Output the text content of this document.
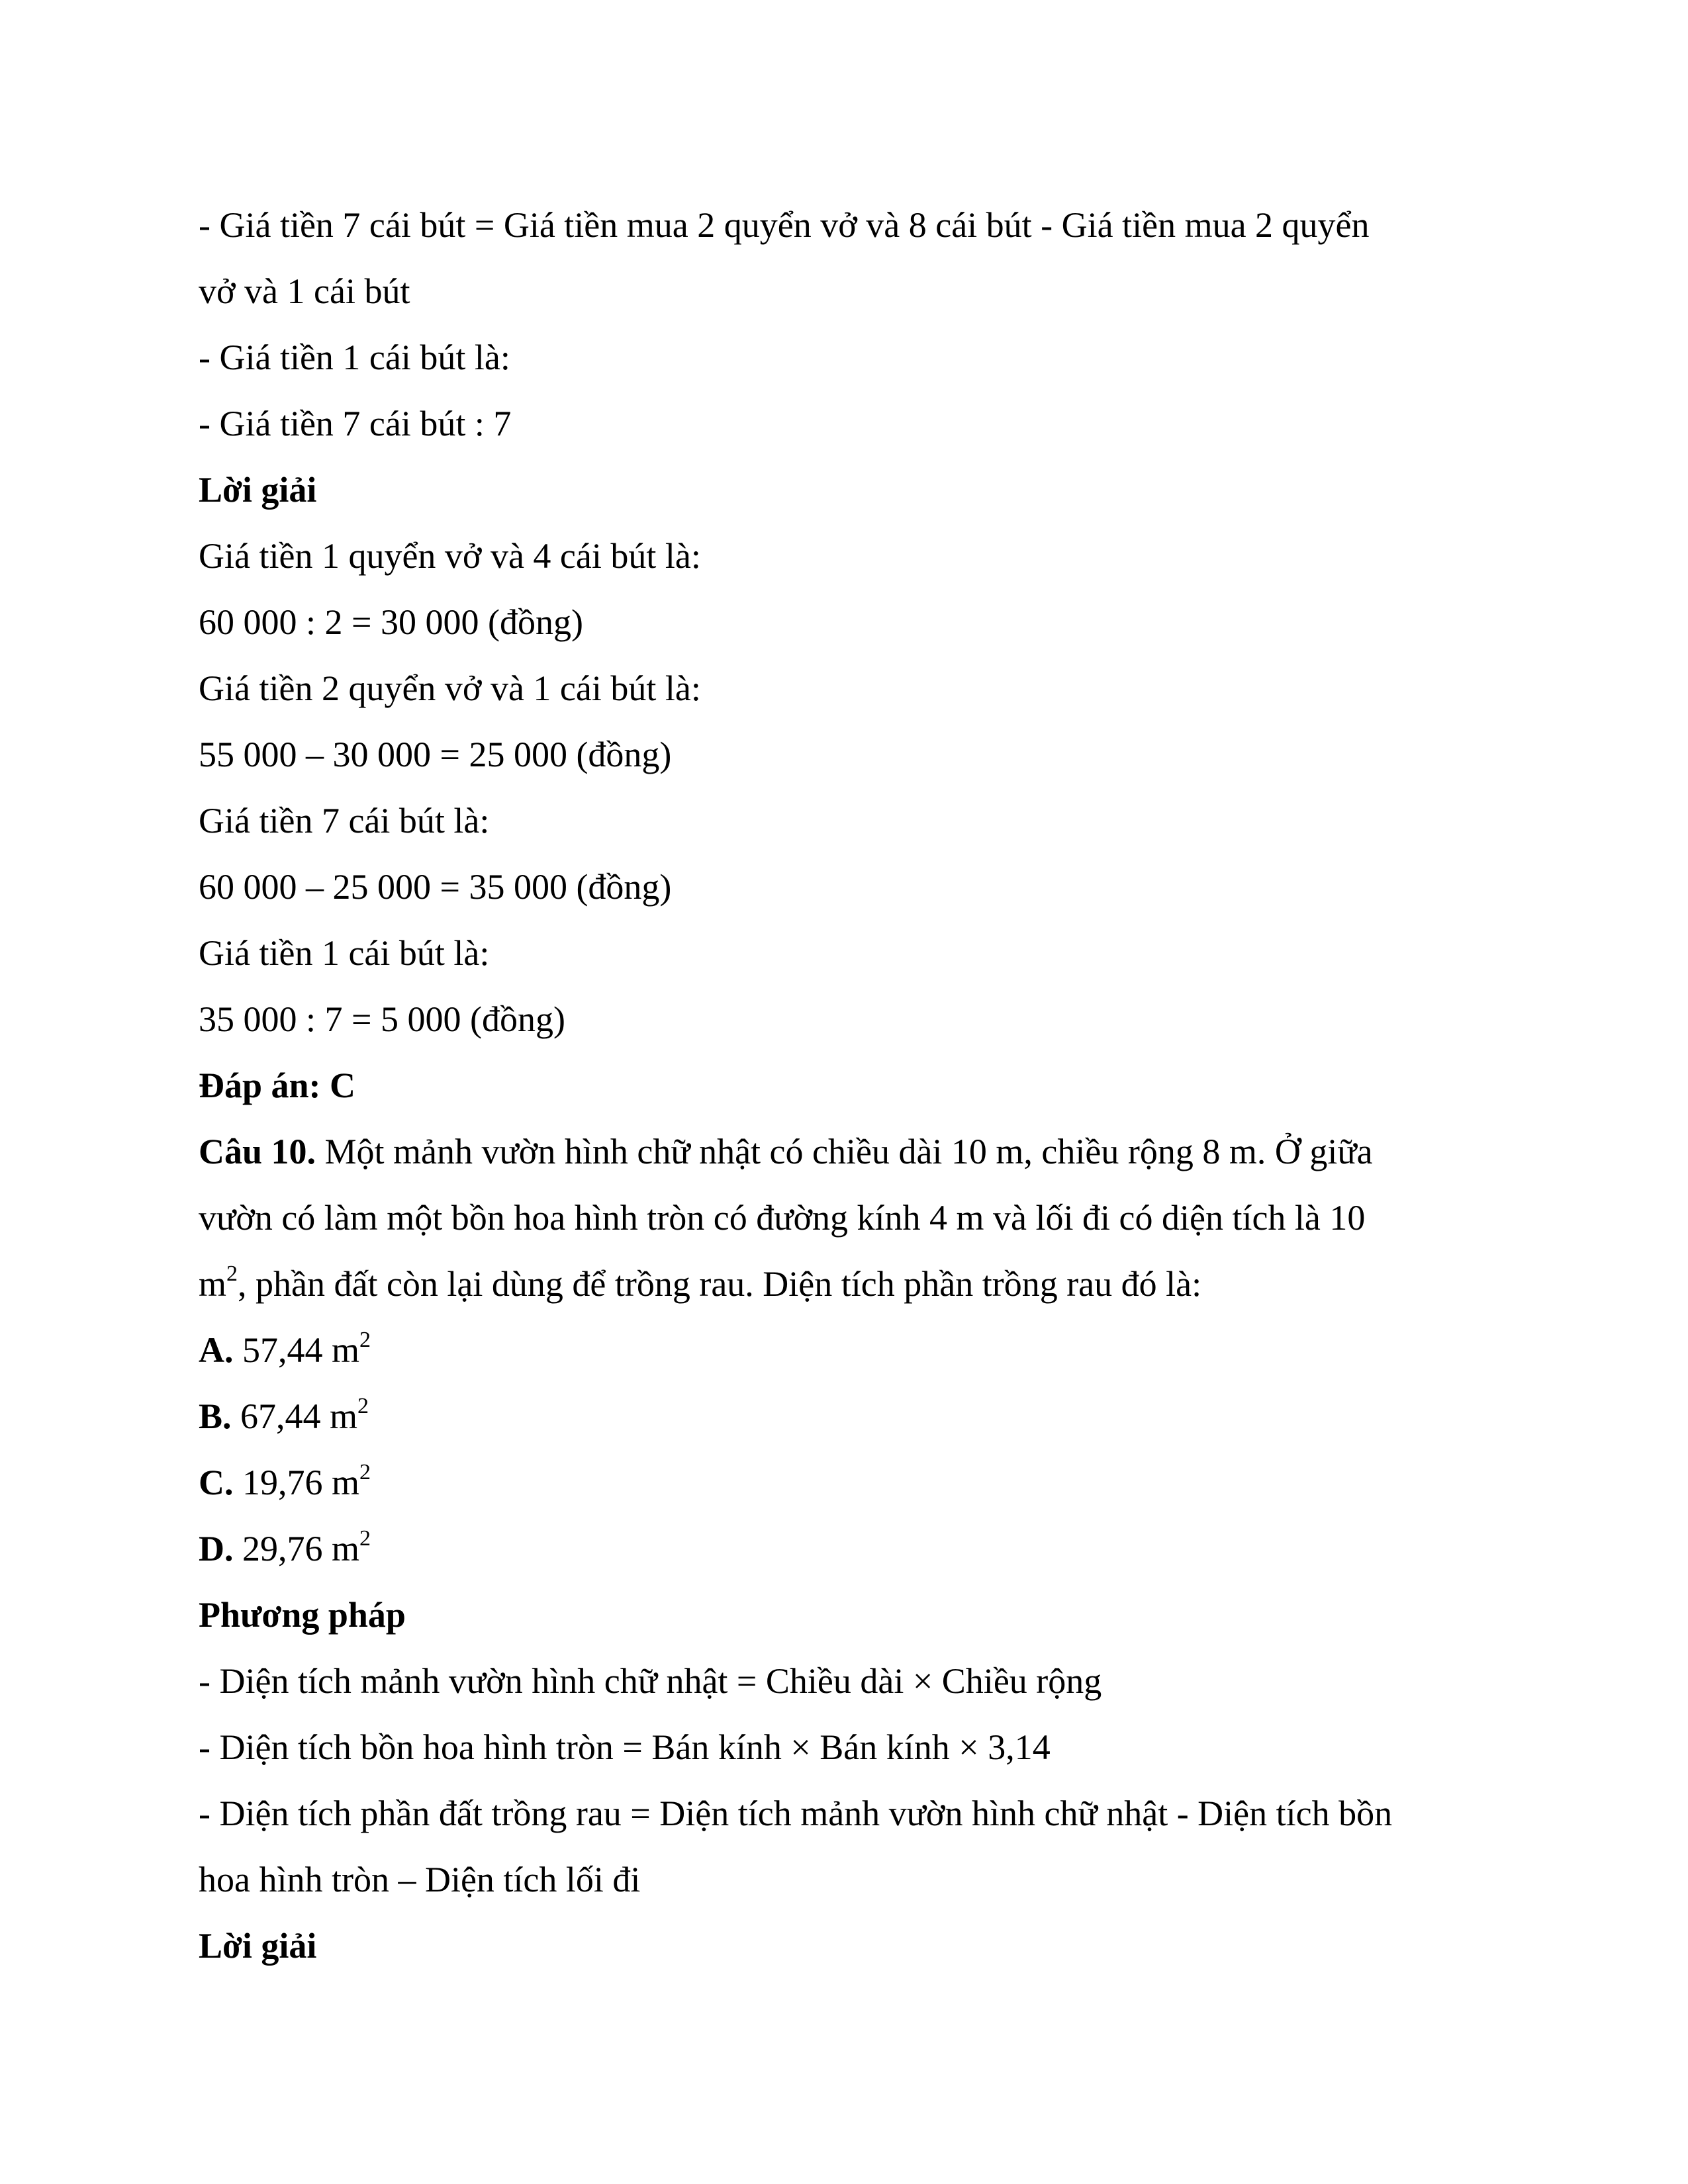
- Giá tiền 7 cái bút = Giá tiền mua 2 quyển vở và 8 cái bút - Giá tiền mua 2 quyển

vở và 1 cái bút

- Giá tiền 1 cái bút là:

- Giá tiền 7 cái bút : 7

Lời giải

Giá tiền 1 quyển vở và 4 cái bút là:

60 000 : 2 = 30 000 (đồng)

Giá tiền 2 quyển vở và 1 cái bút là:

55 000 – 30 000 = 25 000 (đồng)

Giá tiền 7 cái bút là:

60 000 – 25 000 = 35 000 (đồng)

Giá tiền 1 cái bút là:

35 000 : 7 = 5 000 (đồng)

Đáp án: C

Câu 10. Một mảnh vườn hình chữ nhật có chiều dài 10 m, chiều rộng 8 m. Ở giữa

vườn có làm một bồn hoa hình tròn có đường kính 4 m và lối đi có diện tích là 10

$m^2$, phần đất còn lại dùng để trồng rau. Diện tích phần trồng rau đó là:

A. 57,44 $m^2$

B. 67,44 $m^2$

C. 19,76 $m^2$

D. 29,76 $m^2$

Phương pháp

- Diện tích mảnh vườn hình chữ nhật = Chiều dài × Chiều rộng

- Diện tích bồn hoa hình tròn = Bán kính × Bán kính × 3,14

- Diện tích phần đất trồng rau = Diện tích mảnh vườn hình chữ nhật - Diện tích bồn

hoa hình tròn – Diện tích lối đi

Lời giải
